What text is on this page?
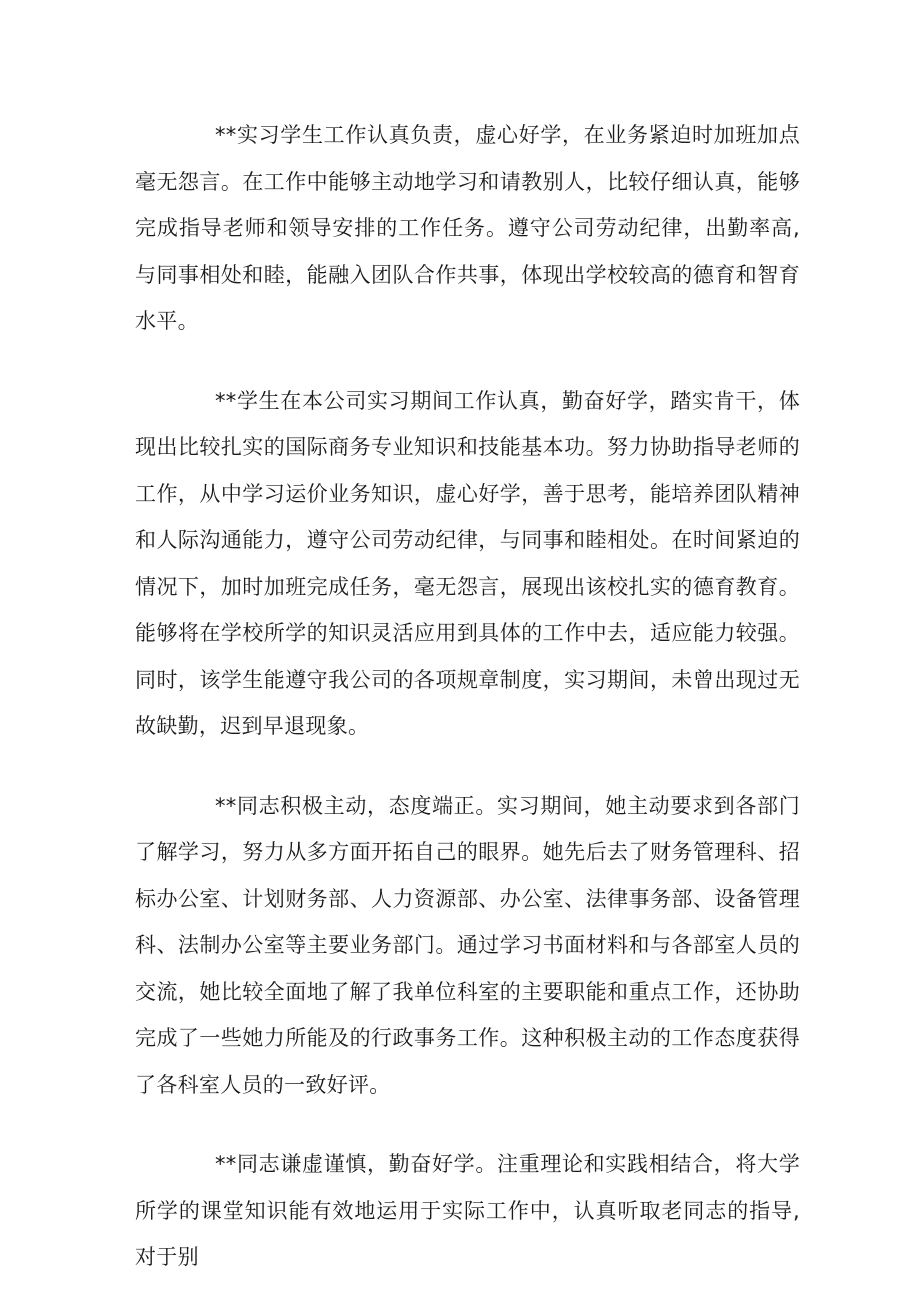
**实习学生工作认真负责，虚心好学，在业务紧迫时加班加点毫无怨言。在工作中能够主动地学习和请教别人，比较仔细认真，能够完成指导老师和领导安排的工作任务。遵守公司劳动纪律，出勤率高,与同事相处和睦，能融入团队合作共事，体现出学校较高的德育和智育水平。

**学生在本公司实习期间工作认真，勤奋好学，踏实肯干，体现出比较扎实的国际商务专业知识和技能基本功。努力协助指导老师的工作，从中学习运价业务知识，虚心好学，善于思考，能培养团队精神和人际沟通能力，遵守公司劳动纪律，与同事和睦相处。在时间紧迫的情况下，加时加班完成任务，毫无怨言，展现出该校扎实的德育教育。能够将在学校所学的知识灵活应用到具体的工作中去，适应能力较强。同时，该学生能遵守我公司的各项规章制度，实习期间，未曾出现过无故缺勤，迟到早退现象。

**同志积极主动，态度端正。实习期间，她主动要求到各部门了解学习，努力从多方面开拓自己的眼界。她先后去了财务管理科、招标办公室、计划财务部、人力资源部、办公室、法律事务部、设备管理科、法制办公室等主要业务部门。通过学习书面材料和与各部室人员的交流，她比较全面地了解了我单位科室的主要职能和重点工作，还协助完成了一些她力所能及的行政事务工作。这种积极主动的工作态度获得了各科室人员的一致好评。

**同志谦虚谨慎，勤奋好学。注重理论和实践相结合，将大学所学的课堂知识能有效地运用于实际工作中，认真听取老同志的指导,对于别
